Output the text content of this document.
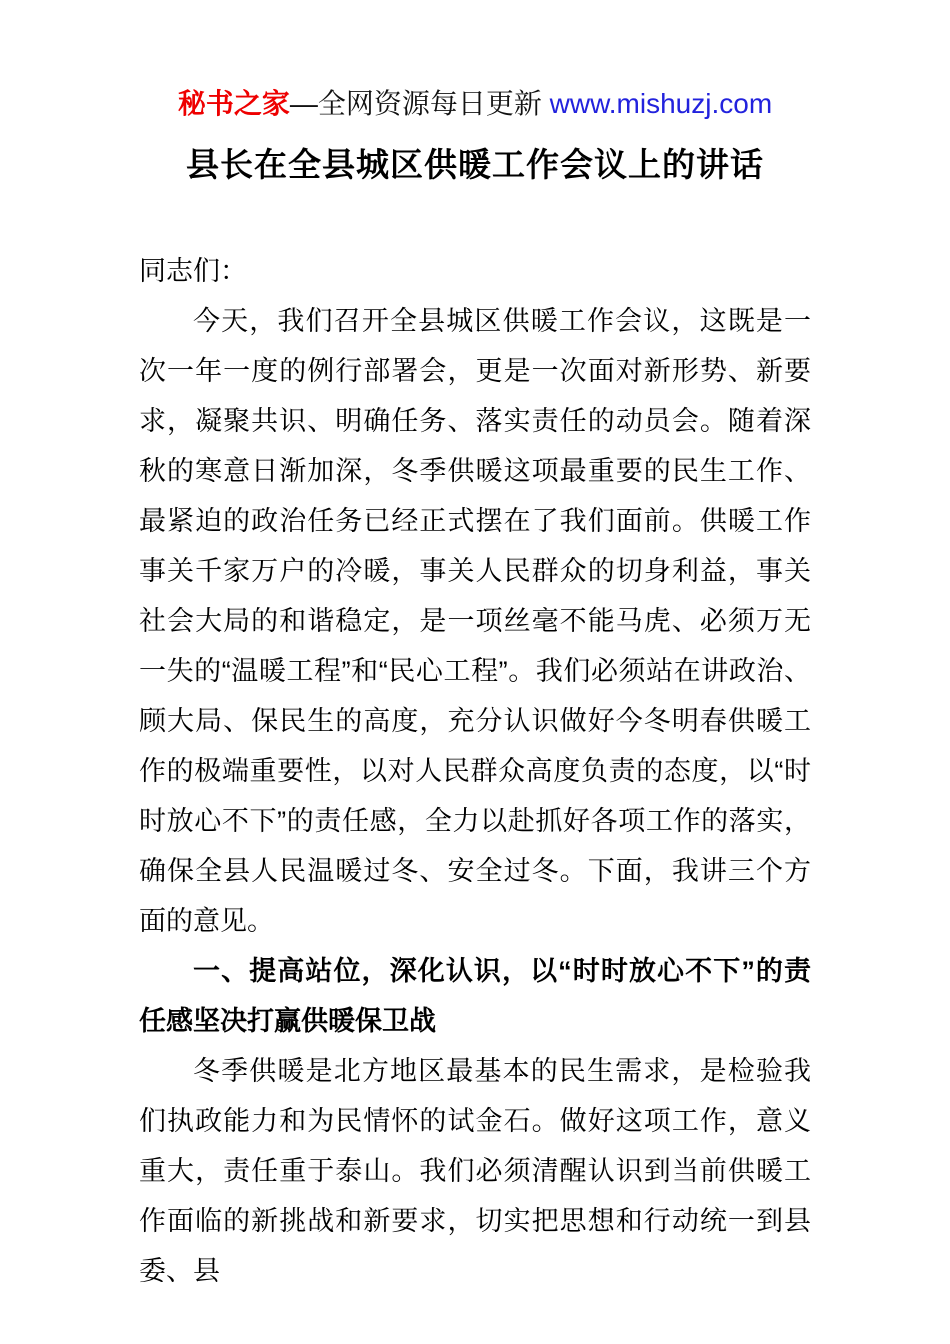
秘书之家—全网资源每日更新 www.mishuzj.com
县长在全县城区供暖工作会议上的讲话

同志们：

今天，我们召开全县城区供暖工作会议，这既是一次一年一度的例行部署会，更是一次面对新形势、新要求，凝聚共识、明确任务、落实责任的动员会。随着深秋的寒意日渐加深，冬季供暖这项最重要的民生工作、最紧迫的政治任务已经正式摆在了我们面前。供暖工作事关千家万户的冷暖，事关人民群众的切身利益，事关社会大局的和谐稳定，是一项丝毫不能马虎、必须万无一失的“温暖工程”和“民心工程”。我们必须站在讲政治、顾大局、保民生的高度，充分认识做好今冬明春供暖工作的极端重要性，以对人民群众高度负责的态度，以“时时放心不下”的责任感，全力以赴抓好各项工作的落实，确保全县人民温暖过冬、安全过冬。下面，我讲三个方面的意见。

一、提高站位，深化认识，以“时时放心不下”的责任感坚决打赢供暖保卫战

冬季供暖是北方地区最基本的民生需求，是检验我们执政能力和为民情怀的试金石。做好这项工作，意义重大，责任重于泰山。我们必须清醒认识到当前供暖工作面临的新挑战和新要求，切实把思想和行动统一到县委、县
